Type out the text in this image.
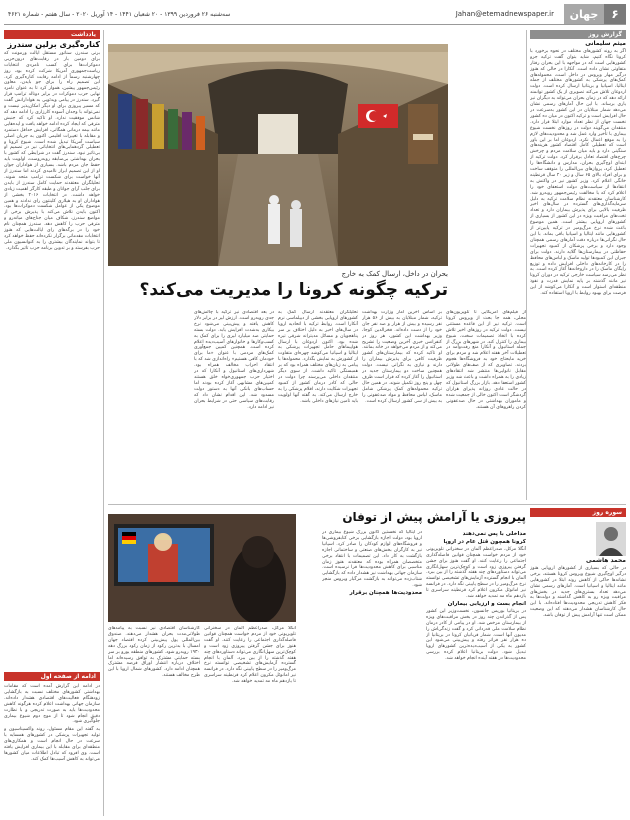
۶
جهان
Jahan@etemadnewspaper.ir
سه‌شنبه ۲۶ فروردین ۱۳۹۹ - ۲۰ شعبان ۱۴۴۱ - ۱۴ آوریل ۲۰۲۰ - سال هفتم - شماره ۴۶۲۱
گزارش روز
میثم سلیمانی

اگر به روند کشورهای مختلف در نحوه برخورد با کرونا نگاه کنیم، شاید بتوان گفت ترکیه جزو کشورهایی است که در مواجهه با این بحران رفتار متفاوتی نشان داده است. آنکارا در حالی که هنوز درگیر مهار ویروس در داخل است، محموله‌های کمک‌های پزشکی به کشورهای مختلف از جمله ایتالیا، اسپانیا و بریتانیا ارسال کرده است. دولت اردوغان تلاش می‌کند تصویری از یک کشور توانمند ارائه دهد که در زمان بحران می‌تواند به دیگران نیز یاری برساند. با این حال آمارهای رسمی نشان می‌دهد شمار مبتلایان در این کشور به‌سرعت در حال افزایش است و ترکیه اکنون در میان ده کشور نخست جهان از نظر تعداد موارد ابتلا قرار دارد. منتقدان می‌گویند دولت در روزهای نخست شیوع بیماری با تأخیر وارد عمل شد و محدودیت‌های لازم را به موقع اعمال نکرد. اردوغان اما بر این باور است که تعطیلی کامل اقتصاد کشور هزینه‌های سنگینی دارد و باید میان سلامت مردم و چرخش چرخ‌های اقتصاد تعادل برقرار کرد. دولت ترکیه از ابتدای اوج‌گیری بحران، مدارس و دانشگاه‌ها را تعطیل کرد، پروازهای بین‌المللی را متوقف ساخت و برای افراد بالای ۶۵ سال و زیر ۲۰ سال قرنطینه خانگی اعلام کرد. وزیر کشور نیز در واکنش به انتقادها از سیاست‌های دولت استعفای خود را اعلام کرد که با مخالفت رئیس‌جمهور روبه‌رو شد. کارشناسان معتقدند نظام سلامت ترکیه به دلیل سرمایه‌گذاری‌های گسترده در سال‌های اخیر ظرفیت بالایی برای پذیرش بیماران دارد و تعداد تخت‌های مراقبت ویژه در این کشور از بسیاری از کشورهای اروپایی بیشتر است. همین موضوع باعث شده نرخ مرگ‌ومیر در ترکیه پایین‌تر از کشورهایی مانند ایتالیا و اسپانیا باقی بماند. با این حال نگرانی‌ها درباره دقت آمارهای رسمی همچنان وجود دارد و برخی پزشکان از کمبود تجهیزات حفاظتی در بیمارستان‌ها گلایه دارند. دولت برای جبران این کمبودها تولید ماسک و لباس‌های محافظ را در کارخانه‌های داخلی افزایش داده و توزیع رایگان ماسک را در داروخانه‌ها آغاز کرده است. به نظر می‌رسد سیاست خارجی ترکیه در دوران کرونا نیز مانند گذشته بر پایه نمایش قدرت و نفوذ منطقه‌ای استوار است و آنکارا می‌کوشد از این فرصت برای بهبود روابط با اروپا استفاده کند.

بحران در داخل، ارسال کمک به خارج
ترکیه چگونه کرونا را مدیریت می‌کند؟

از فیلم‌های آمریکایی تا تلویزیون‌های محلی، همه جا بحث از ویروس کرونا است. ترکیه نیز از این قاعده مستثنی نیست. دولت ترکیه در روزهای اخیر تلاش کرده با اتخاذ تصمیمات سخت، شیوع بیماری را کنترل کند. در شهرهای بزرگ از جمله استانبول و آنکارا منع رفت‌وآمد در تعطیلات آخر هفته اعلام شد و مردم برای خرید مایحتاج خود به فروشگاه‌ها هجوم بردند. تصاویری که از صف‌های طولانی مقابل نانوایی‌ها منتشر شد انتقادهای زیادی را به همراه داشت و باعث شد وزیر کشور استعفا دهد. بازار بزرگ استانبول که در حالت عادی روزانه پذیرای هزاران گردشگر است اکنون خالی از جمعیت شده و ماموران بهداشتی در حال ضدعفونی کردن راهروهای آن هستند.

بر اساس آخرین آمار وزارت بهداشت ترکیه، شمار مبتلایان به بیش از ۵۶ هزار نفر رسیده و بیش از هزار و صد نفر جان خود را از دست داده‌اند. فخرالدین کوجا، وزیر بهداشت این کشور، هر روز در کنفرانس خبری آخرین وضعیت را تشریح می‌کند و از مردم می‌خواهد در خانه بمانند. او تاکید کرده که بیمارستان‌های کشور ظرفیت کافی برای پذیرش بیماران را دارند و نیازی به نگرانی نیست. دولت همچنین ساخت دو بیمارستان جدید در استانبول را آغاز کرده که قرار است ظرف چهل و پنج روز تکمیل شوند. در همین حال ترکیه محموله‌های کمک پزشکی شامل ماسک، لباس محافظ و مواد ضدعفونی را به بیش از سی کشور ارسال کرده است.

تحلیلگران معتقدند ارسال کمک به کشورهای اروپایی بخشی از دیپلماسی نرم آنکارا است. روابط ترکیه با اتحادیه اروپا در سال‌های اخیر به دلیل اختلاف بر سر پناهجویان و مسائل مدیترانه شرقی تیره شده بود. اکنون اردوغان با ارسال هواپیماهای حامل تجهیزات پزشکی به ایتالیا و اسپانیا می‌کوشد چهره‌ای متفاوت از کشورش به نمایش بگذارد. محموله‌ها با پیامی به زبان‌های مختلف همراه بود که بر همبستگی تاکید داشت. از سوی دیگر منتقدان داخلی می‌پرسند چرا دولت در حالی که کادر درمان کشور از کمبود تجهیزات شکایت دارند، اقلام پزشکی را به خارج ارسال می‌کند. به گفته آنها اولویت باید تامین نیازهای داخلی باشد.

در بعد اقتصادی نیز ترکیه با چالش‌های جدی روبه‌رو است. ارزش لیر در برابر دلار کاهش یافته و پیش‌بینی می‌شود نرخ بیکاری به‌شدت افزایش یابد. دولت بسته حمایتی صد میلیارد لیری را برای کمک به کسب‌وکارها و خانوارهای آسیب‌دیده اعلام کرده است. همچنین کمپین جمع‌آوری کمک‌های مردمی با عنوان «ما برای خودمان کافی هستیم» راه‌اندازی شد که با انتقاد احزاب مخالف همراه بود. شهرداری‌های استانبول و آنکارا که در اختیار حزب جمهوری‌خواه خلق هستند کمپین‌های مشابهی آغاز کرده بودند اما حساب‌های بانکی آنها به دستور دولت مسدود شد. این اقدام نشان داد که رقابت‌های سیاسی حتی در شرایط بحران نیز ادامه دارد.

یادداشت
کناره‌گیری برلین سندرز

برنی سندرز، سناتور مستقل ایالت ورمونت که برای دومین بار در رقابت‌های درون‌حزبی دموکرات‌ها برای کسب نامزدی انتخابات ریاست‌جمهوری آمریکا شرکت کرده بود، روز چهارشنبه رسماً از ادامه رقابت کناره‌گیری کرد. این تصمیم راه را برای جو بایدن، معاون رئیس‌جمهور پیشین، هموار کرد تا به عنوان نامزد نهایی حزب دموکرات در برابر دونالد ترامپ قرار گیرد. سندرز در پیامی ویدئویی به هوادارانش گفت که مسیر پیروزی برای او دیگر امکان‌پذیر نیست و نمی‌تواند با وجدان آسوده کارزاری را ادامه دهد که شانس موفقیت ندارد. او تاکید کرد که جنبش مترقی که ایجاد کرده ادامه خواهد یافت و ایده‌هایی مانند بیمه درمانی همگانی، افزایش حداقل دستمزد و مقابله با تغییرات اقلیمی اکنون به جریان اصلی سیاست آمریکا تبدیل شده است. شیوع کرونا و تعطیلی گردهمایی‌های انتخاباتی نیز در تصمیم او بی‌تاثیر نبود. سندرز گفت در شرایطی که کشور با بحران بهداشتی بی‌سابقه روبه‌روست، اولویت باید حفظ جان مردم باشد. بسیاری از هواداران جوان او از این تصمیم ابراز ناامیدی کردند اما سندرز از آنها خواست برای شکست ترامپ متحد شوند. تحلیلگران معتقدند حمایت کامل سندرز از بایدن برای جلب آرای جوانان و طبقه کارگر اهمیت زیادی خواهد داشت. در انتخابات ۲۰۱۶ بخشی از هواداران او به هیلاری کلینتون رای ندادند و همین موضوع یکی از عوامل شکست دموکرات‌ها بود. اکنون بایدن تلاش می‌کند با پذیرش برخی از مواضع سندرز، شکاف میان جناح‌های میانه‌رو و مترقی حزب را کاهش دهد. سندرز همچنان نام خود را در برگه‌های رای ایالت‌هایی که هنوز انتخابات مقدماتی برگزار نکرده‌اند حفظ خواهد کرد تا بتواند نمایندگان بیشتری را به کنوانسیون ملی حزب بفرستد و بر تدوین برنامه حزب تاثیر بگذارد.

ادامه از صفحه اول

در ادامه این گزارش آمده است که مقامات بهداشتی کشورهای مختلف نسبت به بازگشایی زودهنگام فعالیت‌های اقتصادی هشدار داده‌اند. سازمان جهانی بهداشت اعلام کرده هرگونه کاهش محدودیت‌ها باید به صورت تدریجی و با نظارت دقیق انجام شود تا از موج دوم شیوع بیماری جلوگیری شود.

به گفته این مقام مسئول، روند واکسیناسیون و تولید تجهیزات پزشکی در کشورهای همسایه با سرعت در حال انجام است و همکاری‌های منطقه‌ای برای مقابله با این بیماری افزایش یافته است. وی افزود که تبادل اطلاعات میان کشورها می‌تواند به کاهش آسیب‌ها کمک کند.

سوره روز
پیروزی یا آرامش پیش از توفان
محمد هاشمی

در حالی که بسیاری از کشورهای اروپایی هنوز درگیر اوج‌گیری شیوع ویروس کرونا هستند، برخی نشانه‌ها حاکی از کاهش روند ابتلا در کشورهایی مانند ایتالیا و اسپانیا است. آمارهای رسمی نشان می‌دهد تعداد بستری‌های جدید در بخش‌های مراقبت ویژه رو به کاهش گذاشته و دولت‌ها به فکر کاهش تدریجی محدودیت‌ها افتاده‌اند. با این حال کارشناسان هشدار می‌دهند که این وضعیت ممکن است تنها آرامش پیش از توفان باشد.

مداخلی با پس نمی‌دهند
کرونا همچون قتل عام در اروپا

آنگلا مرکل، صدراعظم آلمان در سخنرانی تلویزیونی خود از مردم خواست همچنان قوانین فاصله‌گذاری اجتماعی را رعایت کنند. او گفت هنوز برای جشن گرفتن پیروزی زود است و کوچک‌ترین سهل‌انگاری می‌تواند دستاوردهای چند هفته گذشته را از بین ببرد. آلمان با انجام گسترده آزمایش‌های تشخیصی توانسته نرخ مرگ‌ومیر را در سطح پایینی نگه دارد. در فرانسه نیز امانوئل مکرون اعلام کرد قرنطینه سراسری تا یازدهم ماه مه تمدید خواهد شد.

انجام بست و ارزیابی بیماران

در بریتانیا بوریس جانسون، نخست‌وزیر این کشور پس از گذراندن چند روز در بخش مراقبت‌های ویژه از بیمارستان مرخص شد. او در پیامی از کادر درمان نظام سلامت ملی قدردانی کرد و گفت زندگی‌اش را مدیون آنها است. شمار قربانیان کرونا در بریتانیا از ده هزار نفر فراتر رفته و پیش‌بینی می‌شود این کشور به یکی از آسیب‌دیده‌ترین کشورهای اروپا تبدیل شود. دولت بریتانیا اعلام کرده بررسی محدودیت‌ها در هفته آینده انجام خواهد شد.

در ایتالیا که نخستین کانون بزرگ شیوع بیماری در اروپا بود، دولت اجازه بازگشایی برخی کتابفروشی‌ها و فروشگاه‌های لوازم کودکان را صادر کرد. اسپانیا نیز به کارگران بخش‌های صنعتی و ساختمانی اجازه بازگشت به کار داد. این تصمیمات با انتقاد برخی متخصصان همراه بوده که معتقدند هنوز زمان مناسبی برای کاهش محدودیت‌ها فرا نرسیده است. سازمان جهانی بهداشت نیز هشدار داده که بازگشایی شتاب‌زده می‌تواند به بازگشت مرگبار ویروس منجر شود.

محدودیت‌ها همچنان برقرار

کارشناسان اقتصادی نیز نسبت به پیامدهای طولانی‌مدت بحران هشدار می‌دهند. صندوق بین‌المللی پول پیش‌بینی کرده اقتصاد جهان امسال با بدترین رکود از زمان رکود بزرگ دهه ۱۹۳۰ روبه‌رو شود. کشورهای منطقه یورو بر سر بسته حمایتی مشترک به توافق رسیده‌اند اما اختلاف درباره انتشار اوراق قرضه مشترک همچنان ادامه دارد. کشورهای شمال اروپا با این طرح مخالف هستند.

آنگلا مرکل، صدراعظم آلمان در سخنرانی تلویزیونی خود از مردم خواست همچنان قوانین فاصله‌گذاری اجتماعی را رعایت کنند. او گفت هنوز برای جشن گرفتن پیروزی زود است و کوچک‌ترین سهل‌انگاری می‌تواند دستاوردهای چند هفته گذشته را از بین ببرد. آلمان با انجام گسترده آزمایش‌های تشخیصی توانسته نرخ مرگ‌ومیر را در سطح پایینی نگه دارد. در فرانسه نیز امانوئل مکرون اعلام کرد قرنطینه سراسری تا یازدهم ماه مه تمدید خواهد شد.
